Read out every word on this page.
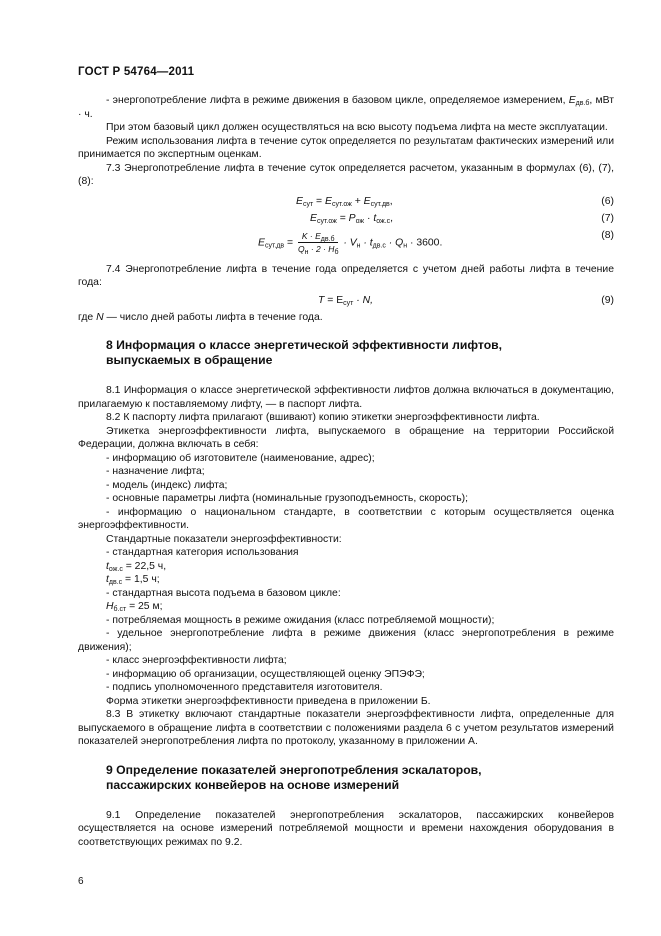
ГОСТ Р 54764—2011

- энергопотребление лифта в режиме движения в базовом цикле, определяемое измерением, $E_{дв.б}$, мВт · ч.

При этом базовый цикл должен осуществляться на всю высоту подъема лифта на месте эксплуатации.

Режим использования лифта в течение суток определяется по результатам фактических измерений или принимается по экспертным оценкам.

7.3 Энергопотребление лифта в течение суток определяется расчетом, указанным в формулах (6), (7), (8):

$E_{сут} = E_{сут.ож} + E_{сут.дв}$,	(6)
$E_{сут.ож} = P_{ож} \cdot t_{ож.с}$,	(7)
$E_{сут.дв} = \frac{K \cdot E_{дв.б}}{Q_н \cdot 2 \cdot H_б} \cdot V_н \cdot t_{дв.с} \cdot Q_н \cdot 3600$.
(8)

7.4 Энергопотребление лифта в течение года определяется с учетом дней работы лифта в течение года:

$T = E_{сут} \cdot N$,	(9)

где N — число дней работы лифта в течение года.

8 Информация о классе энергетической эффективности лифтов,
выпускаемых в обращение

8.1 Информация о классе энергетической эффективности лифтов должна включаться в документацию, прилагаемую к поставляемому лифту, — в паспорт лифта.

8.2 К паспорту лифта прилагают (вшивают) копию этикетки энергоэффективности лифта.

Этикетка энергоэффективности лифта, выпускаемого в обращение на территории Российской Федерации, должна включать в себя:

- информацию об изготовителе (наименование, адрес);

- назначение лифта;

- модель (индекс) лифта;

- основные параметры лифта (номинальные грузоподъемность, скорость);

- информацию о национальном стандарте, в соответствии с которым осуществляется оценка энергоэффективности.

Стандартные показатели энергоэффективности:

- стандартная категория использования

$t_{ож.с} = 22,5$ ч,

$t_{дв.с} = 1,5$ ч;

- стандартная высота подъема в базовом цикле:

$H_{б.ст} = 25$ м;

- потребляемая мощность в режиме ожидания (класс потребляемой мощности);

- удельное энергопотребление лифта в режиме движения (класс энергопотребления в режиме движения);

- класс энергоэффективности лифта;

- информацию об организации, осуществляющей оценку ЭПЭФЭ;

- подпись уполномоченного представителя изготовителя.

Форма этикетки энергоэффективности приведена в приложении Б.

8.3 В этикетку включают стандартные показатели энергоэффективности лифта, определенные для выпускаемого в обращение лифта в соответствии с положениями раздела 6 с учетом результатов измерений показателей энергопотребления лифта по протоколу, указанному в приложении А.

9 Определение показателей энергопотребления эскалаторов,
пассажирских конвейеров на основе измерений

9.1 Определение показателей энергопотребления эскалаторов, пассажирских конвейеров осуществляется на основе измерений потребляемой мощности и времени нахождения оборудования в соответствующих режимах по 9.2.

6
